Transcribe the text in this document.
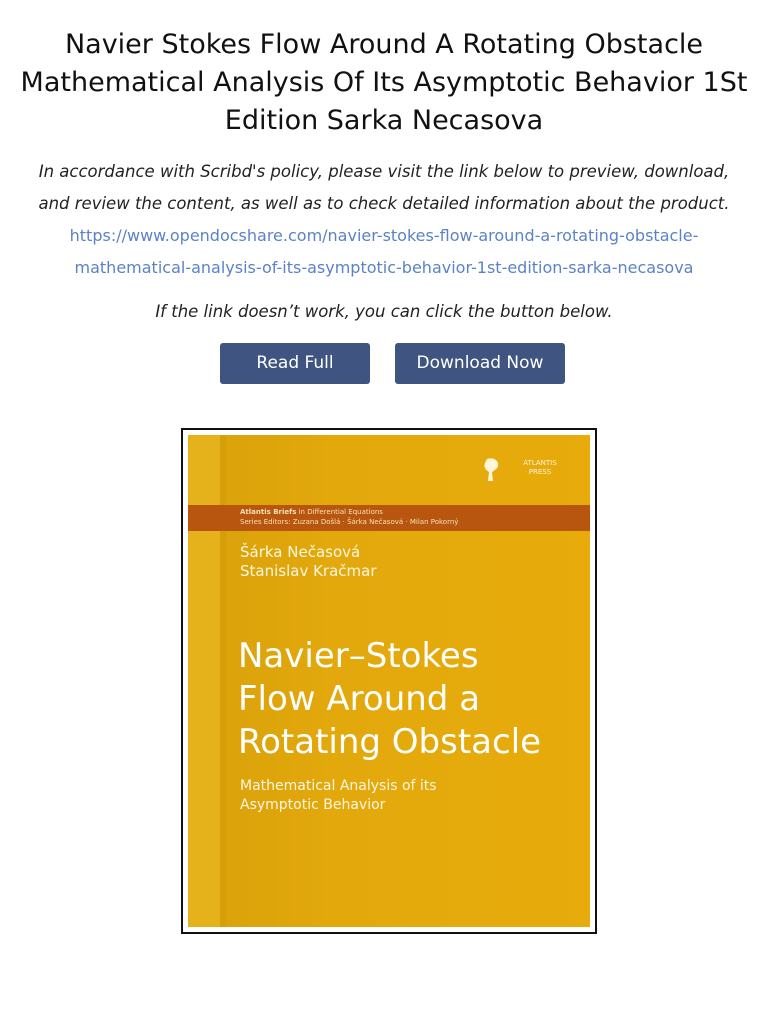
Navier Stokes Flow Around A Rotating Obstacle Mathematical Analysis Of Its Asymptotic Behavior 1St Edition Sarka Necasova
In accordance with Scribd's policy, please visit the link below to preview, download, and review the content, as well as to check detailed information about the product.
https://www.opendocshare.com/navier-stokes-flow-around-a-rotating-obstacle-mathematical-analysis-of-its-asymptotic-behavior-1st-edition-sarka-necasova
If the link doesn’t work, you can click the button below.
Read Full	Download Now
ATLANTIS
PRESS
Atlantis Briefs in Differential Equations
Series Editors: Zuzana Došlá · Šárka Nečasová · Milan Pokorný
Šárka Nečasová
Stanislav Kračmar
Navier–Stokes
Flow Around a
Rotating Obstacle
Mathematical Analysis of its
Asymptotic Behavior
